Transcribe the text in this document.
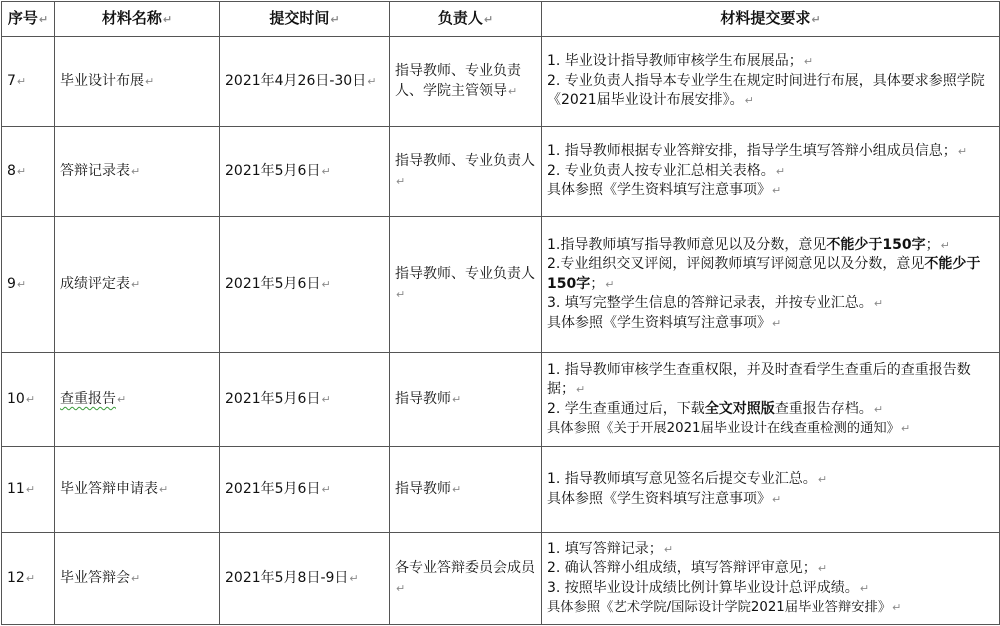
序号↵	材料名称↵	提交时间↵	负责人↵	材料提交要求↵
7↵	毕业设计布展↵	2021年4月26日-30日↵	指导教师、专业负责人、学院主管领导↵	1. 毕业设计指导教师审核学生布展展品；↵
2. 专业负责人指导本专业学生在规定时间进行布展，具体要求参照学院《2021届毕业设计布展安排》。↵

8↵	答辩记录表↵	2021年5月6日↵	指导教师、专业负责人↵	1. 指导教师根据专业答辩安排，指导学生填写答辩小组成员信息；↵
2. 专业负责人按专业汇总相关表格。↵
具体参照《学生资料填写注意事项》↵

9↵	成绩评定表↵	2021年5月6日↵	指导教师、专业负责人↵	1.指导教师填写指导教师意见以及分数，意见不能少于150字；↵
2.专业组织交叉评阅，评阅教师填写评阅意见以及分数，意见不能少于150字；↵
3. 填写完整学生信息的答辩记录表，并按专业汇总。↵
具体参照《学生资料填写注意事项》↵

10↵	查重报告↵	2021年5月6日↵	指导教师↵	1. 指导教师审核学生查重权限，并及时查看学生查重后的查重报告数据；↵
2. 学生查重通过后，下载全文对照版查重报告存档。↵
具体参照《关于开展2021届毕业设计在线查重检测的通知》↵

11↵	毕业答辩申请表↵	2021年5月6日↵	指导教师↵	1. 指导教师填写意见签名后提交专业汇总。↵
具体参照《学生资料填写注意事项》↵

12↵	毕业答辩会↵	2021年5月8日-9日↵	各专业答辩委员会成员↵	1. 填写答辩记录；↵
2. 确认答辩小组成绩，填写答辩评审意见；↵
3. 按照毕业设计成绩比例计算毕业设计总评成绩。↵
具体参照《艺术学院/国际设计学院2021届毕业答辩安排》↵
